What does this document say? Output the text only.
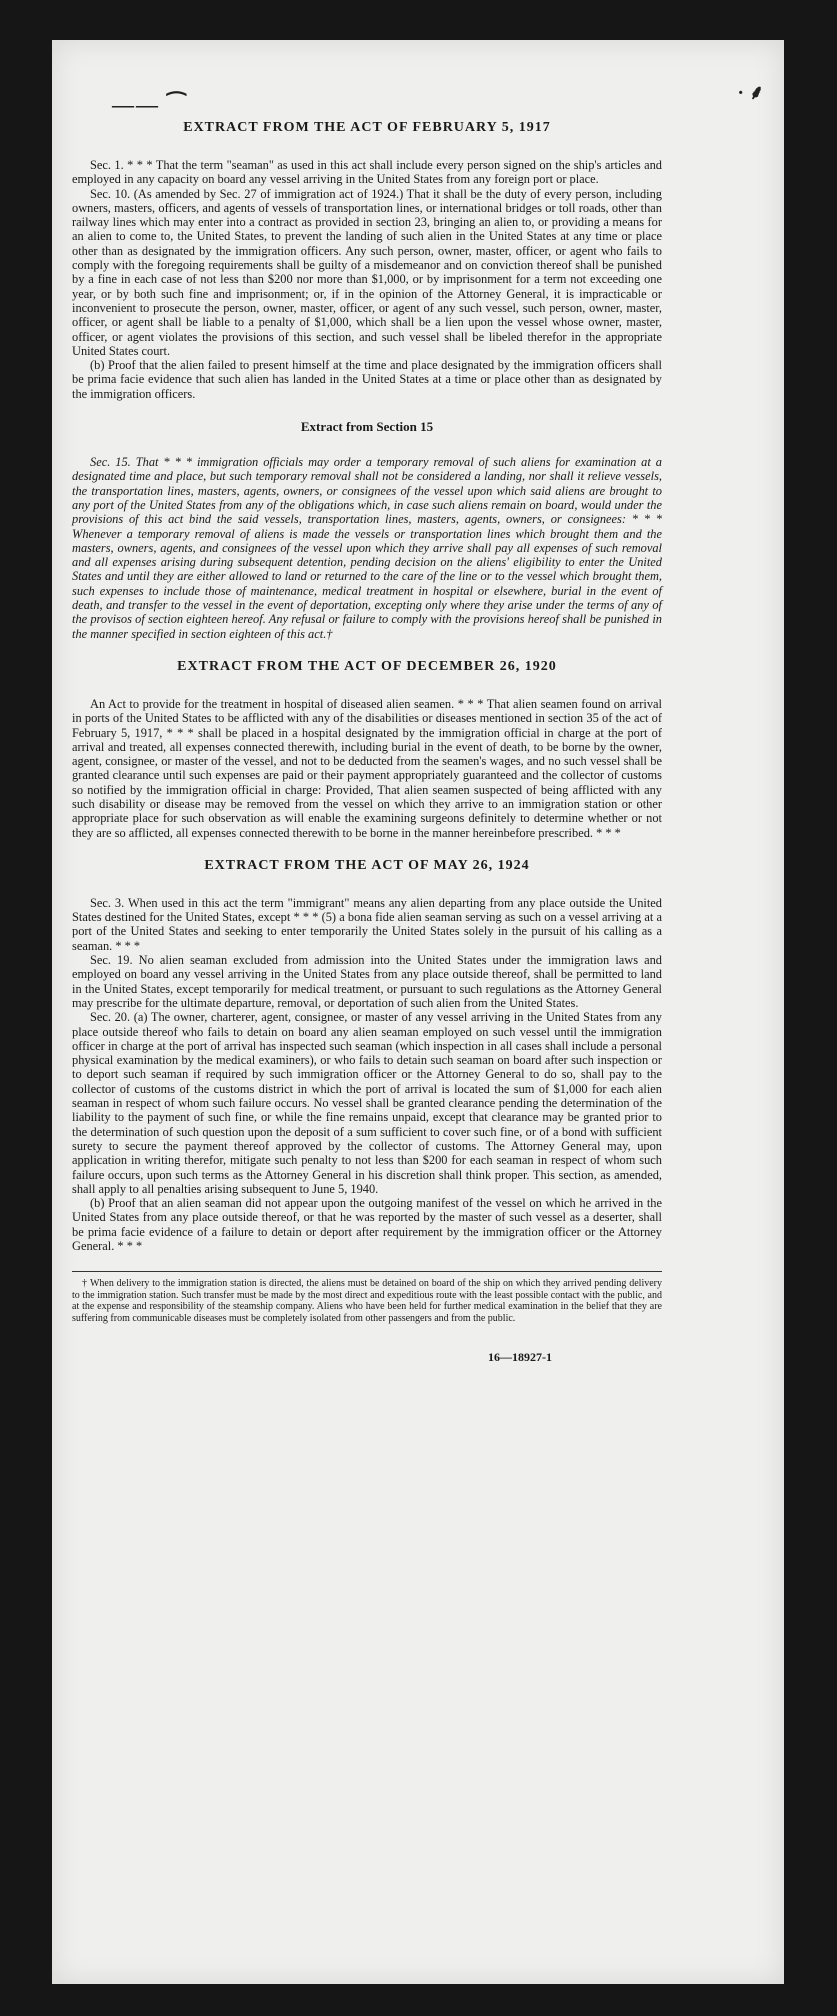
—— ⁀	· ⸙
EXTRACT FROM THE ACT OF FEBRUARY 5, 1917

Sec. 1. * * * That the term "seaman" as used in this act shall include every person signed on the ship's articles and employed in any capacity on board any vessel arriving in the United States from any foreign port or place.

Sec. 10. (As amended by Sec. 27 of immigration act of 1924.) That it shall be the duty of every person, including owners, masters, officers, and agents of vessels of transportation lines, or international bridges or toll roads, other than railway lines which may enter into a contract as provided in section 23, bringing an alien to, or providing a means for an alien to come to, the United States, to prevent the landing of such alien in the United States at any time or place other than as designated by the immigration officers. Any such person, owner, master, officer, or agent who fails to comply with the foregoing requirements shall be guilty of a misdemeanor and on conviction thereof shall be punished by a fine in each case of not less than $200 nor more than $1,000, or by imprisonment for a term not exceeding one year, or by both such fine and imprisonment; or, if in the opinion of the Attorney General, it is impracticable or inconvenient to prosecute the person, owner, master, officer, or agent of any such vessel, such person, owner, master, officer, or agent shall be liable to a penalty of $1,000, which shall be a lien upon the vessel whose owner, master, officer, or agent violates the provisions of this section, and such vessel shall be libeled therefor in the appropriate United States court.

(b) Proof that the alien failed to present himself at the time and place designated by the immigration officers shall be prima facie evidence that such alien has landed in the United States at a time or place other than as designated by the immigration officers.

Extract from Section 15

Sec. 15. That * * * immigration officials may order a temporary removal of such aliens for examination at a designated time and place, but such temporary removal shall not be considered a landing, nor shall it relieve vessels, the transportation lines, masters, agents, owners, or consignees of the vessel upon which said aliens are brought to any port of the United States from any of the obligations which, in case such aliens remain on board, would under the provisions of this act bind the said vessels, transportation lines, masters, agents, owners, or consignees: * * * Whenever a temporary removal of aliens is made the vessels or transportation lines which brought them and the masters, owners, agents, and consignees of the vessel upon which they arrive shall pay all expenses of such removal and all expenses arising during subsequent detention, pending decision on the aliens' eligibility to enter the United States and until they are either allowed to land or returned to the care of the line or to the vessel which brought them, such expenses to include those of maintenance, medical treatment in hospital or elsewhere, burial in the event of death, and transfer to the vessel in the event of deportation, excepting only where they arise under the terms of any of the provisos of section eighteen hereof. Any refusal or failure to comply with the provisions hereof shall be punished in the manner specified in section eighteen of this act.†

EXTRACT FROM THE ACT OF DECEMBER 26, 1920

An Act to provide for the treatment in hospital of diseased alien seamen. * * * That alien seamen found on arrival in ports of the United States to be afflicted with any of the disabilities or diseases mentioned in section 35 of the act of February 5, 1917, * * * shall be placed in a hospital designated by the immigration official in charge at the port of arrival and treated, all expenses connected therewith, including burial in the event of death, to be borne by the owner, agent, consignee, or master of the vessel, and not to be deducted from the seamen's wages, and no such vessel shall be granted clearance until such expenses are paid or their payment appropriately guaranteed and the collector of customs so notified by the immigration official in charge: Provided, That alien seamen suspected of being afflicted with any such disability or disease may be removed from the vessel on which they arrive to an immigration station or other appropriate place for such observation as will enable the examining surgeons definitely to determine whether or not they are so afflicted, all expenses connected therewith to be borne in the manner hereinbefore prescribed. * * *

EXTRACT FROM THE ACT OF MAY 26, 1924

Sec. 3. When used in this act the term "immigrant" means any alien departing from any place outside the United States destined for the United States, except * * * (5) a bona fide alien seaman serving as such on a vessel arriving at a port of the United States and seeking to enter temporarily the United States solely in the pursuit of his calling as a seaman. * * *

Sec. 19. No alien seaman excluded from admission into the United States under the immigration laws and employed on board any vessel arriving in the United States from any place outside thereof, shall be permitted to land in the United States, except temporarily for medical treatment, or pursuant to such regulations as the Attorney General may prescribe for the ultimate departure, removal, or deportation of such alien from the United States.

Sec. 20. (a) The owner, charterer, agent, consignee, or master of any vessel arriving in the United States from any place outside thereof who fails to detain on board any alien seaman employed on such vessel until the immigration officer in charge at the port of arrival has inspected such seaman (which inspection in all cases shall include a personal physical examination by the medical examiners), or who fails to detain such seaman on board after such inspection or to deport such seaman if required by such immigration officer or the Attorney General to do so, shall pay to the collector of customs of the customs district in which the port of arrival is located the sum of $1,000 for each alien seaman in respect of whom such failure occurs. No vessel shall be granted clearance pending the determination of the liability to the payment of such fine, or while the fine remains unpaid, except that clearance may be granted prior to the determination of such question upon the deposit of a sum sufficient to cover such fine, or of a bond with sufficient surety to secure the payment thereof approved by the collector of customs. The Attorney General may, upon application in writing therefor, mitigate such penalty to not less than $200 for each seaman in respect of whom such failure occurs, upon such terms as the Attorney General in his discretion shall think proper. This section, as amended, shall apply to all penalties arising subsequent to June 5, 1940.

(b) Proof that an alien seaman did not appear upon the outgoing manifest of the vessel on which he arrived in the United States from any place outside thereof, or that he was reported by the master of such vessel as a deserter, shall be prima facie evidence of a failure to detain or deport after requirement by the immigration officer or the Attorney General. * * *

† When delivery to the immigration station is directed, the aliens must be detained on board of the ship on which they arrived pending delivery to the immigration station. Such transfer must be made by the most direct and expeditious route with the least possible contact with the public, and at the expense and responsibility of the steamship company. Aliens who have been held for further medical examination in the belief that they are suffering from communicable diseases must be completely isolated from other passengers and from the public.

16—18927-1
